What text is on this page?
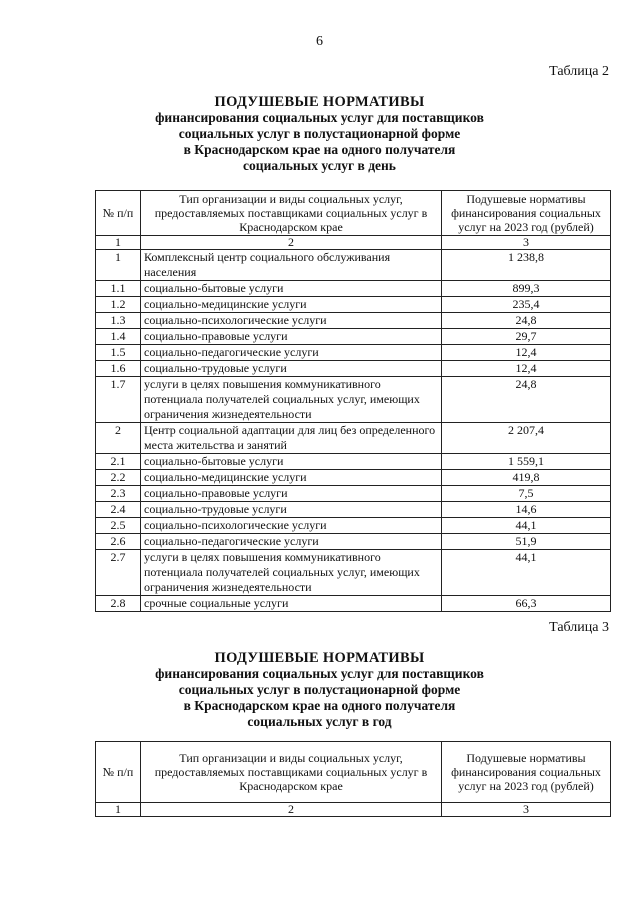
6
Таблица 2
ПОДУШЕВЫЕ НОРМАТИВЫ
финансирования социальных услуг для поставщиков
социальных услуг в полустационарной форме
в Краснодарском крае на одного получателя
социальных услуг в день
№ п/п	Тип организации и виды социальных услуг, предоставляемых поставщиками социальных услуг в Краснодарском крае	Подушевые нормативы финансирования социальных услуг на 2023 год (рублей)
1	2	3
1	Комплексный центр социального обслуживания населения	1 238,8
1.1	социально-бытовые услуги	899,3
1.2	социально-медицинские услуги	235,4
1.3	социально-психологические услуги	24,8
1.4	социально-правовые услуги	29,7
1.5	социально-педагогические услуги	12,4
1.6	социально-трудовые услуги	12,4
1.7	услуги в целях повышения коммуникативного потенциала получателей социальных услуг, имеющих ограничения жизнедеятельности	24,8
2	Центр социальной адаптации для лиц без определенного места жительства и занятий	2 207,4
2.1	социально-бытовые услуги	1 559,1
2.2	социально-медицинские услуги	419,8
2.3	социально-правовые услуги	7,5
2.4	социально-трудовые услуги	14,6
2.5	социально-психологические услуги	44,1
2.6	социально-педагогические услуги	51,9
2.7	услуги в целях повышения коммуникативного потенциала получателей социальных услуг, имеющих ограничения жизнедеятельности	44,1
2.8	срочные социальные услуги	66,3
Таблица 3
ПОДУШЕВЫЕ НОРМАТИВЫ
финансирования социальных услуг для поставщиков
социальных услуг в полустационарной форме
в Краснодарском крае на одного получателя
социальных услуг в год
№ п/п	Тип организации и виды социальных услуг, предоставляемых поставщиками социальных услуг в Краснодарском крае	Подушевые нормативы финансирования социальных услуг на 2023 год (рублей)
1	2	3
